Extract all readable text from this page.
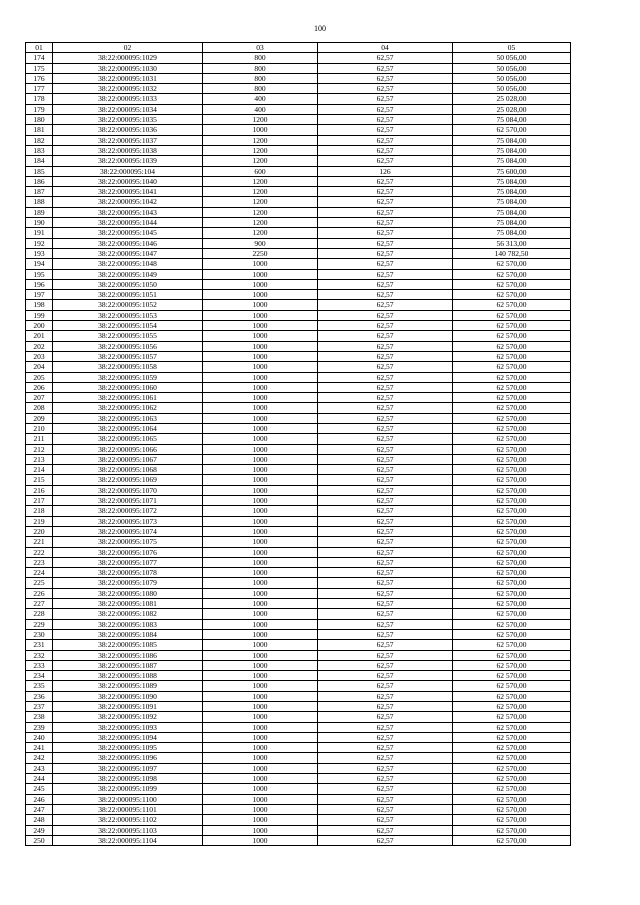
100
01	02	03	04	05
174	38:22:000095:1029	800	62,57	50 056,00
175	38:22:000095:1030	800	62,57	50 056,00
176	38:22:000095:1031	800	62,57	50 056,00
177	38:22:000095:1032	800	62,57	50 056,00
178	38:22:000095:1033	400	62,57	25 028,00
179	38:22:000095:1034	400	62,57	25 028,00
180	38:22:000095:1035	1200	62,57	75 084,00
181	38:22:000095:1036	1000	62,57	62 570,00
182	38:22:000095:1037	1200	62,57	75 084,00
183	38:22:000095:1038	1200	62,57	75 084,00
184	38:22:000095:1039	1200	62,57	75 084,00
185	38:22:000095:104	600	126	75 600,00
186	38:22:000095:1040	1200	62,57	75 084,00
187	38:22:000095:1041	1200	62,57	75 084,00
188	38:22:000095:1042	1200	62,57	75 084,00
189	38:22:000095:1043	1200	62,57	75 084,00
190	38:22:000095:1044	1200	62,57	75 084,00
191	38:22:000095:1045	1200	62,57	75 084,00
192	38:22:000095:1046	900	62,57	56 313,00
193	38:22:000095:1047	2250	62,57	140 782,50
194	38:22:000095:1048	1000	62,57	62 570,00
195	38:22:000095:1049	1000	62,57	62 570,00
196	38:22:000095:1050	1000	62,57	62 570,00
197	38:22:000095:1051	1000	62,57	62 570,00
198	38:22:000095:1052	1000	62,57	62 570,00
199	38:22:000095:1053	1000	62,57	62 570,00
200	38:22:000095:1054	1000	62,57	62 570,00
201	38:22:000095:1055	1000	62,57	62 570,00
202	38:22:000095:1056	1000	62,57	62 570,00
203	38:22:000095:1057	1000	62,57	62 570,00
204	38:22:000095:1058	1000	62,57	62 570,00
205	38:22:000095:1059	1000	62,57	62 570,00
206	38:22:000095:1060	1000	62,57	62 570,00
207	38:22:000095:1061	1000	62,57	62 570,00
208	38:22:000095:1062	1000	62,57	62 570,00
209	38:22:000095:1063	1000	62,57	62 570,00
210	38:22:000095:1064	1000	62,57	62 570,00
211	38:22:000095:1065	1000	62,57	62 570,00
212	38:22:000095:1066	1000	62,57	62 570,00
213	38:22:000095:1067	1000	62,57	62 570,00
214	38:22:000095:1068	1000	62,57	62 570,00
215	38:22:000095:1069	1000	62,57	62 570,00
216	38:22:000095:1070	1000	62,57	62 570,00
217	38:22:000095:1071	1000	62,57	62 570,00
218	38:22:000095:1072	1000	62,57	62 570,00
219	38:22:000095:1073	1000	62,57	62 570,00
220	38:22:000095:1074	1000	62,57	62 570,00
221	38:22:000095:1075	1000	62,57	62 570,00
222	38:22:000095:1076	1000	62,57	62 570,00
223	38:22:000095:1077	1000	62,57	62 570,00
224	38:22:000095:1078	1000	62,57	62 570,00
225	38:22:000095:1079	1000	62,57	62 570,00
226	38:22:000095:1080	1000	62,57	62 570,00
227	38:22:000095:1081	1000	62,57	62 570,00
228	38:22:000095:1082	1000	62,57	62 570,00
229	38:22:000095:1083	1000	62,57	62 570,00
230	38:22:000095:1084	1000	62,57	62 570,00
231	38:22:000095:1085	1000	62,57	62 570,00
232	38:22:000095:1086	1000	62,57	62 570,00
233	38:22:000095:1087	1000	62,57	62 570,00
234	38:22:000095:1088	1000	62,57	62 570,00
235	38:22:000095:1089	1000	62,57	62 570,00
236	38:22:000095:1090	1000	62,57	62 570,00
237	38:22:000095:1091	1000	62,57	62 570,00
238	38:22:000095:1092	1000	62,57	62 570,00
239	38:22:000095:1093	1000	62,57	62 570,00
240	38:22:000095:1094	1000	62,57	62 570,00
241	38:22:000095:1095	1000	62,57	62 570,00
242	38:22:000095:1096	1000	62,57	62 570,00
243	38:22:000095:1097	1000	62,57	62 570,00
244	38:22:000095:1098	1000	62,57	62 570,00
245	38:22:000095:1099	1000	62,57	62 570,00
246	38:22:000095:1100	1000	62,57	62 570,00
247	38:22:000095:1101	1000	62,57	62 570,00
248	38:22:000095:1102	1000	62,57	62 570,00
249	38:22:000095:1103	1000	62,57	62 570,00
250	38:22:000095:1104	1000	62,57	62 570,00
